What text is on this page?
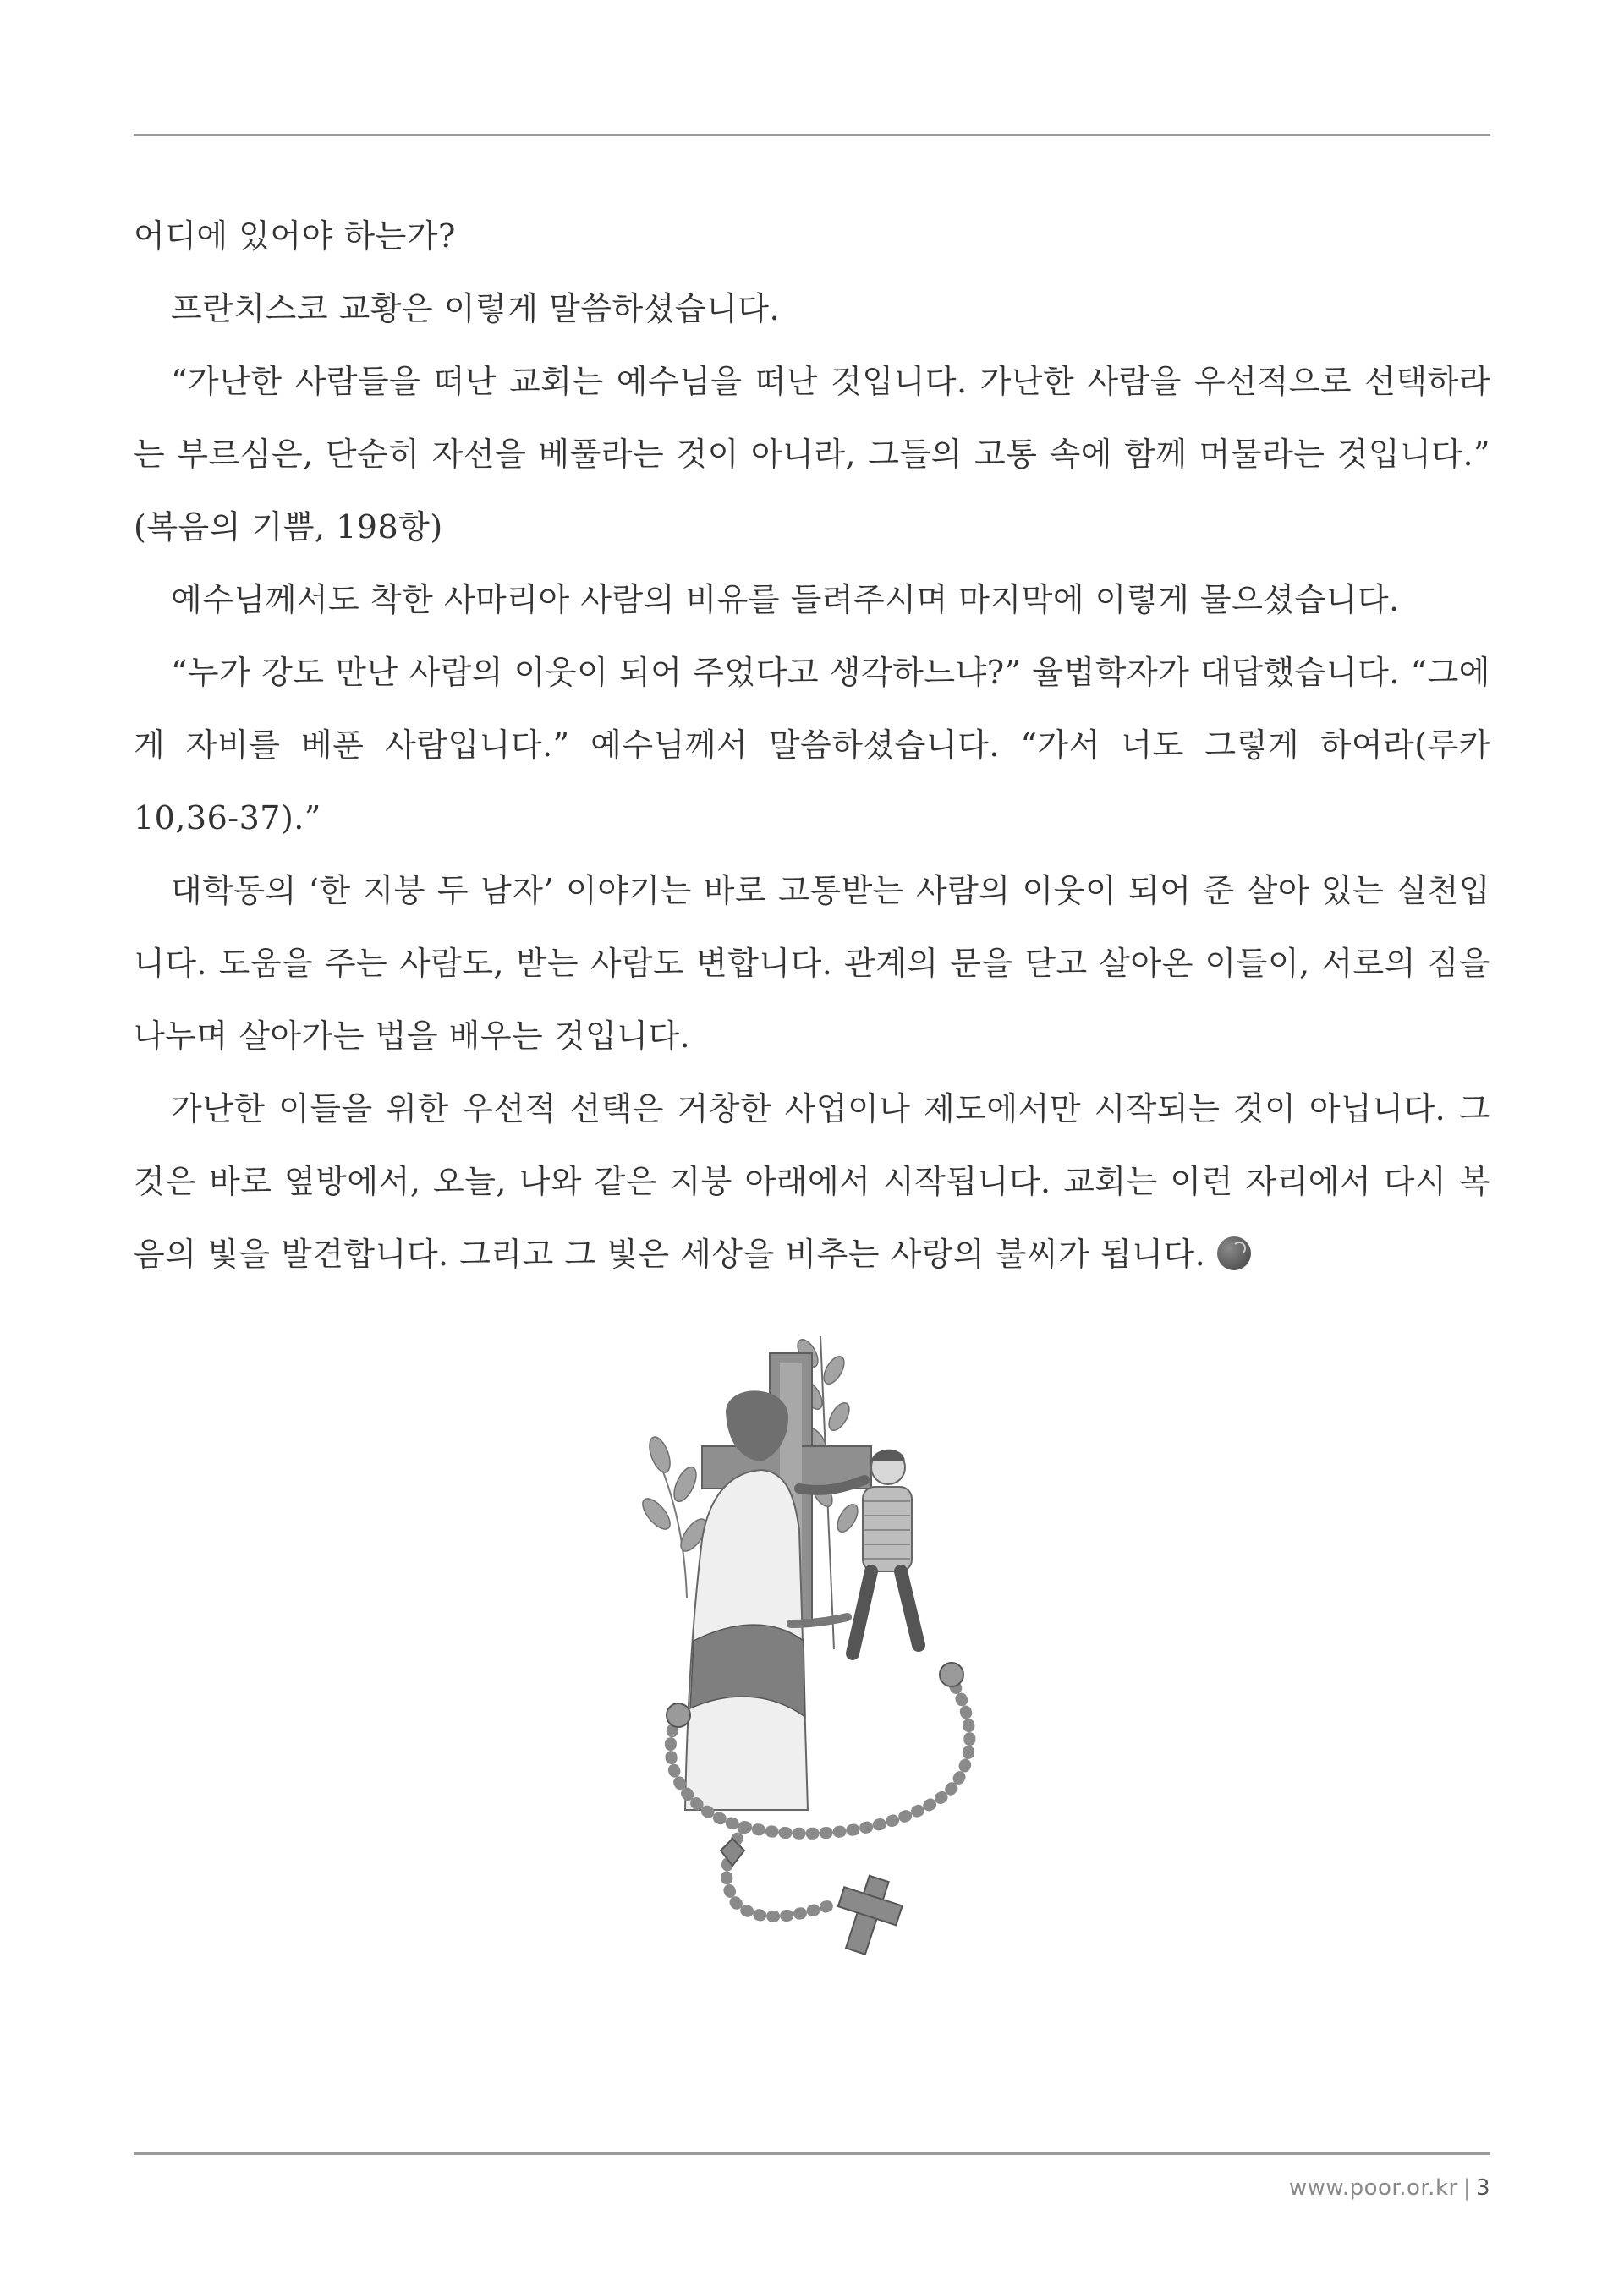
어디에 있어야 하는가?

프란치스코 교황은 이렇게 말씀하셨습니다.

“가난한 사람들을 떠난 교회는 예수님을 떠난 것입니다. 가난한 사람을 우선적으로 선택하라는 부르심은, 단순히 자선을 베풀라는 것이 아니라, 그들의 고통 속에 함께 머물라는 것입니다.” (복음의 기쁨, 198항)

예수님께서도 착한 사마리아 사람의 비유를 들려주시며 마지막에 이렇게 물으셨습니다.

“누가 강도 만난 사람의 이웃이 되어 주었다고 생각하느냐?” 율법학자가 대답했습니다. “그에게 자비를 베푼 사람입니다.” 예수님께서 말씀하셨습니다. “가서 너도 그렇게 하여라(루카 10,36-37).”

대학동의 ‘한 지붕 두 남자’ 이야기는 바로 고통받는 사람의 이웃이 되어 준 살아 있는 실천입니다. 도움을 주는 사람도, 받는 사람도 변합니다. 관계의 문을 닫고 살아온 이들이, 서로의 짐을 나누며 살아가는 법을 배우는 것입니다.

가난한 이들을 위한 우선적 선택은 거창한 사업이나 제도에서만 시작되는 것이 아닙니다. 그것은 바로 옆방에서, 오늘, 나와 같은 지붕 아래에서 시작됩니다. 교회는 이런 자리에서 다시 복음의 빛을 발견합니다. 그리고 그 빛은 세상을 비추는 사랑의 불씨가 됩니다.

www.poor.or.kr | 3
